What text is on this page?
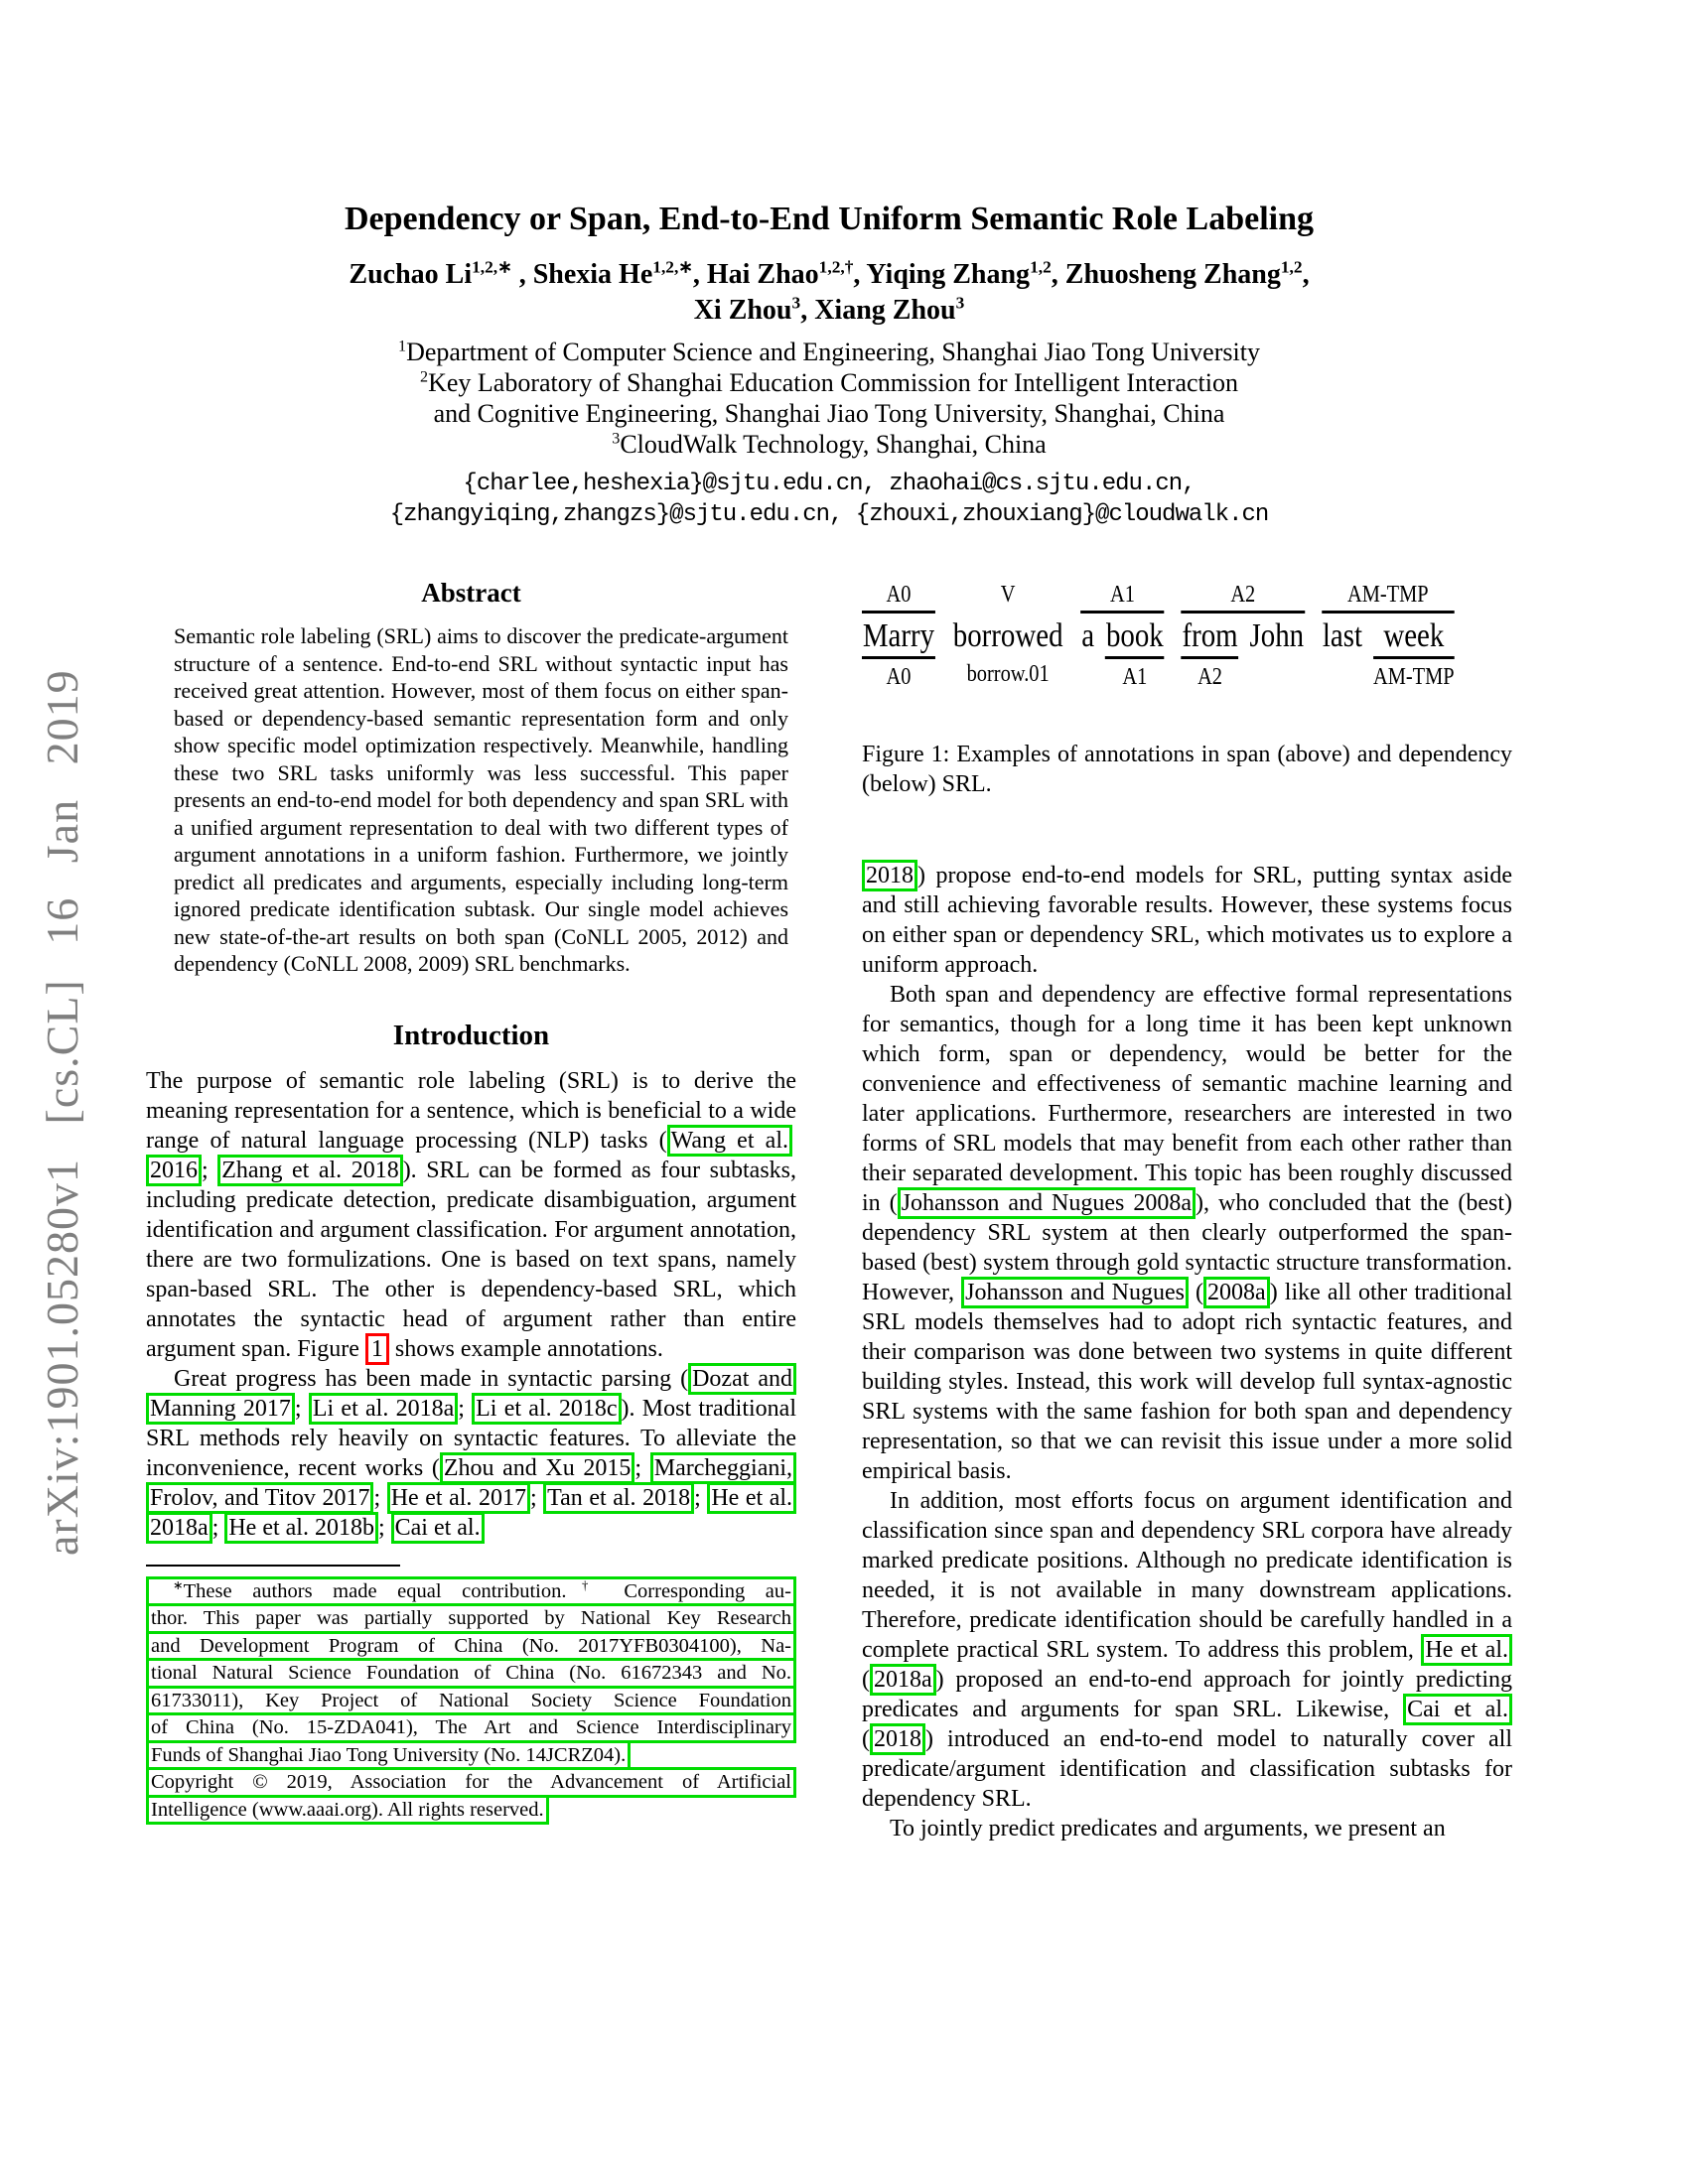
arXiv:1901.05280v1 [cs.CL] 16 Jan 2019
Dependency or Span, End-to-End Uniform Semantic Role Labeling
Zuchao $Li^{1,2,∗}$ , Shexia $He^{1,2,∗}$, Hai Zhao$^{1,2,\dagger}$, Yiqing Zhang$^{1,2}$, Zhuosheng Zhang$^{1,2}$,
Xi Zhou$^3$, Xiang Zhou$^3$
$^1$Department of Computer Science and Engineering, Shanghai Jiao Tong University
$^2$Key Laboratory of Shanghai Education Commission for Intelligent Interaction
and Cognitive Engineering, Shanghai Jiao Tong University, Shanghai, China
$^3$CloudWalk Technology, Shanghai, China
{charlee,heshexia}@sjtu.edu.cn, zhaohai@cs.sjtu.edu.cn,
{zhangyiqing,zhangzs}@sjtu.edu.cn, {zhouxi,zhouxiang}@cloudwalk.cn
Abstract
Semantic role labeling (SRL) aims to discover the predicate-argument structure of a sentence. End-to-end SRL without syntactic input has received great attention. However, most of them focus on either span-based or dependency-based semantic representation form and only show specific model optimization respectively. Meanwhile, handling these two SRL tasks uniformly was less successful. This paper presents an end-to-end model for both dependency and span SRL with a unified argument representation to deal with two different types of argument annotations in a uniform fashion. Furthermore, we jointly predict all predicates and arguments, especially including long-term ignored predicate identification subtask. Our single model achieves new state-of-the-art results on both span (CoNLL 2005, 2012) and dependency (CoNLL 2008, 2009) SRL benchmarks.
Introduction

The purpose of semantic role labeling (SRL) is to derive the meaning representation for a sentence, which is beneficial to a wide range of natural language processing (NLP) tasks ( Wang et al. 2016 ; Zhang et al. 2018 ). SRL can be formed as four subtasks, including predicate detection, predicate disambiguation, argument identification and argument classification. For argument annotation, there are two formulizations. One is based on text spans, namely span-based SRL. The other is dependency-based SRL, which annotates the syntactic head of argument rather than entire argument span. Figure 1 shows example annotations.

Great progress has been made in syntactic parsing ( Dozat and Manning 2017 ; Li et al. 2018a ; Li et al. 2018c ). Most traditional SRL methods rely heavily on syntactic features. To alleviate the inconvenience, recent works ( Zhou and Xu 2015 ; Marcheggiani, Frolov, and Titov 2017 ; He et al. 2017 ; Tan et al. 2018 ; He et al. 2018a ; He et al. 2018b ; Cai et al.

∗These authors made equal contribution.† Corresponding au-
thor. This paper was partially supported by National Key Research
and Development Program of China (No. 2017YFB0304100), Na-
tional Natural Science Foundation of China (No. 61672343 and No.
61733011), Key Project of National Society Science Foundation
of China (No. 15-ZDA041), The Art and Science Interdisciplinary
Funds of Shanghai Jiao Tong University (No. 14JCRZ04).
Copyright © 2019, Association for the Advancement of Artificial
Intelligence (www.aaai.org). All rights reserved.
A0
Marry
A0
V
borrowed
borrow.01
A1
a book
A1
A2
from
A2
John
AM-TMP
last week
AM-TMP
Figure 1: Examples of annotations in span (above) and dependency (below) SRL.

2018 ) propose end-to-end models for SRL, putting syntax aside and still achieving favorable results. However, these systems focus on either span or dependency SRL, which motivates us to explore a uniform approach.

Both span and dependency are effective formal representations for semantics, though for a long time it has been kept unknown which form, span or dependency, would be better for the convenience and effectiveness of semantic machine learning and later applications. Furthermore, researchers are interested in two forms of SRL models that may benefit from each other rather than their separated development. This topic has been roughly discussed in ( Johansson and Nugues 2008a ), who concluded that the (best) dependency SRL system at then clearly outperformed the span-based (best) system through gold syntactic structure transformation. However, Johansson and Nugues ( 2008a ) like all other traditional SRL models themselves had to adopt rich syntactic features, and their comparison was done between two systems in quite different building styles. Instead, this work will develop full syntax-agnostic SRL systems with the same fashion for both span and dependency representation, so that we can revisit this issue under a more solid empirical basis.

In addition, most efforts focus on argument identification and classification since span and dependency SRL corpora have already marked predicate positions. Although no predicate identification is needed, it is not available in many downstream applications. Therefore, predicate identification should be carefully handled in a complete practical SRL system. To address this problem, He et al. ( 2018a ) proposed an end-to-end approach for jointly predicting predicates and arguments for span SRL. Likewise, Cai et al. ( 2018 ) introduced an end-to-end model to naturally cover all predicate/argument identification and classification subtasks for dependency SRL.

To jointly predict predicates and arguments, we present an
